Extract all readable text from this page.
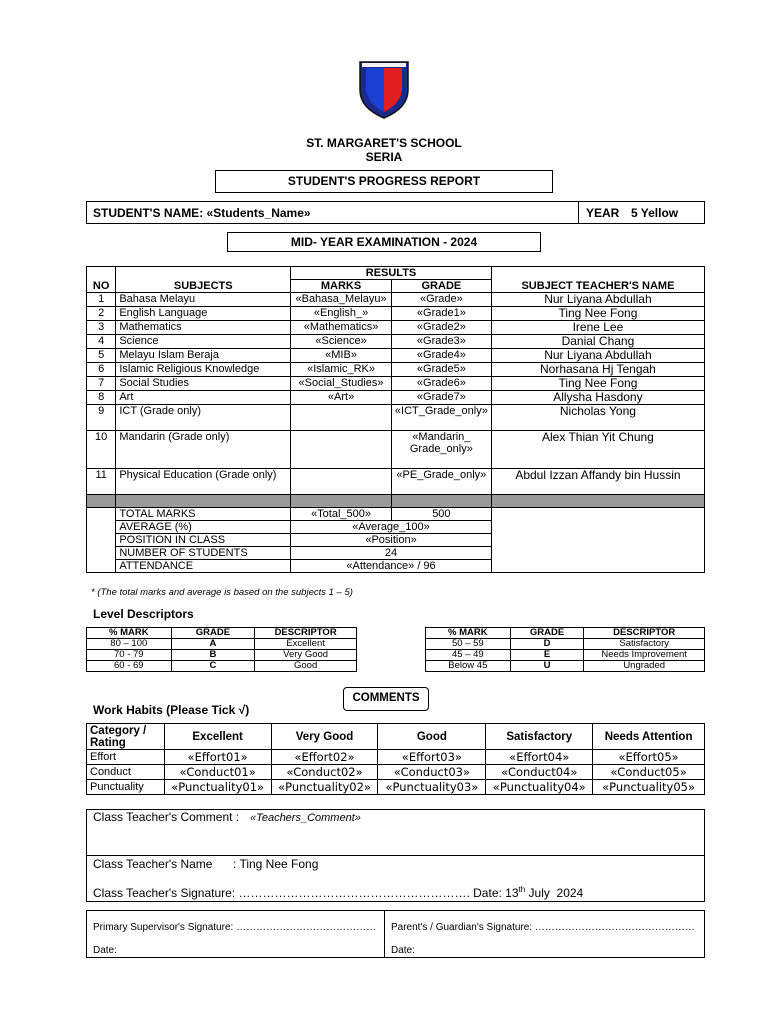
ST. MARGARET'S SCHOOL
SERIA
STUDENT'S PROGRESS REPORT
STUDENT'S NAME: «Students_Name»	YEAR 5 Yellow
MID- YEAR EXAMINATION - 2024
NO	SUBJECTS	RESULTS		SUBJECT TEACHER'S NAME
		MARKS	GRADE	
1	Bahasa Melayu	«Bahasa_Melayu»	«Grade»	Nur Liyana Abdullah
2	English Language	«English_»	«Grade1»	Ting Nee Fong
3	Mathematics	«Mathematics»	«Grade2»	Irene Lee
4	Science	«Science»	«Grade3»	Danial Chang
5	Melayu Islam Beraja	«MIB»	«Grade4»	Nur Liyana Abdullah
6	Islamic Religious Knowledge	«Islamic_RK»	«Grade5»	Norhasana Hj Tengah
7	Social Studies	«Social_Studies»	«Grade6»	Ting Nee Fong
8	Art	«Art»	«Grade7»	Allysha Hasdony
9	ICT (Grade only)		«ICT_Grade_only»	Nicholas Yong
10	Mandarin (Grade only)		«Mandarin_ Grade_only»	Alex Thian Yit Chung
11	Physical Education (Grade only)		«PE_Grade_only»	Abdul Izzan Affandy bin Hussin

	TOTAL MARKS	«Total_500»	500	
	AVERAGE (%)	«Average_100»		
	POSITION IN CLASS	«Position»		
	NUMBER OF STUDENTS	24		
	ATTENDANCE	«Attendance» / 96		
* (The total marks and average is based on the subjects 1 – 5)
Level Descriptors
% MARK	GRADE	DESCRIPTOR
80 – 100	A	Excellent
70 - 79	B	Very Good
60 - 69	C	Good
% MARK	GRADE	DESCRIPTOR
50 – 59	D	Satisfactory
45 – 49	E	Needs Improvement
Below 45	U	Ungraded
COMMENTS
Work Habits (Please Tick √)
Category / Rating	Excellent	Very Good	Good	Satisfactory	Needs Attention
Effort	«Effort01»	«Effort02»	«Effort03»	«Effort04»	«Effort05»
Conduct	«Conduct01»	«Conduct02»	«Conduct03»	«Conduct04»	«Conduct05»
Punctuality	«Punctuality01»	«Punctuality02»	«Punctuality03»	«Punctuality04»	«Punctuality05»
Class Teacher's Comment : «Teachers_Comment»
Class Teacher's Name : Ting Nee Fong
Class Teacher's Signature: …………………………………………………. Date: 13th July  2024
Primary Supervisor's Signature: ……………………………………
Date:
Parent's / Guardian's Signature: …………………………………………
Date:
